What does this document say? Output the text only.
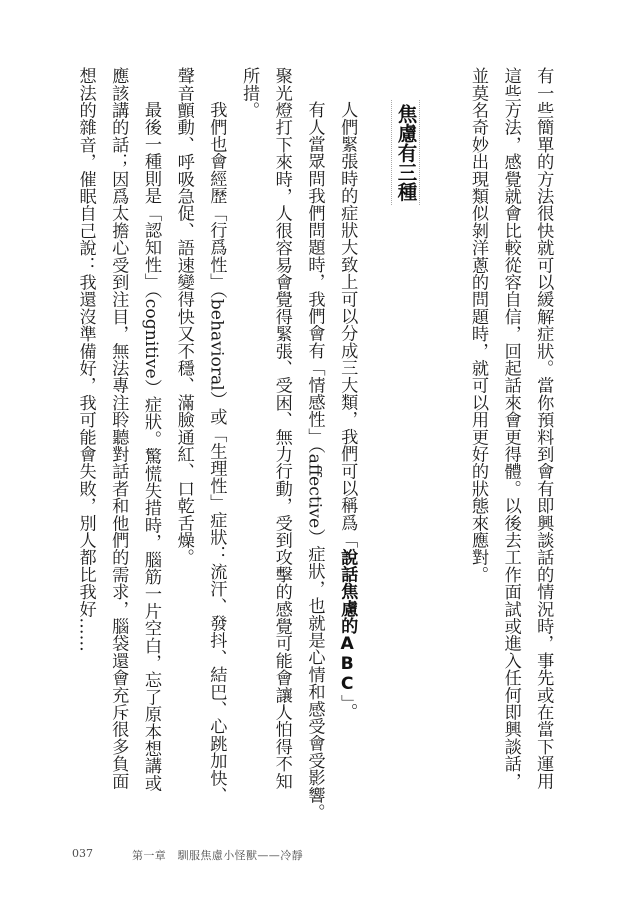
有一些簡單的方法很快就可以緩解症狀。當你預料到會有即興談話的情況時，事先或在當下運用
這些方法，感覺就會比較從容自信，回起話來會更得體。以後去工作面試或進入任何即興談話，
並莫名奇妙出現類似剝洋蔥的問題時，就可以用更好的狀態來應對。
焦慮有三種
人們緊張時的症狀大致上可以分成三大類，我們可以稱爲「說話焦慮的ABC」。
有人當眾問我們問題時，我們會有「情感性」（affective）症狀，也就是心情和感受會受影響。
聚光燈打下來時，人很容易會覺得緊張、受困、無力行動，受到攻擊的感覺可能會讓人怕得不知
所措。
我們也會經歷「行爲性」（behavioral）或「生理性」症狀：流汗、發抖、結巴、心跳加快、
聲音顫動、呼吸急促、語速變得快又不穩、滿臉通紅、口乾舌燥。
最後一種則是「認知性」（cognitive）症狀。驚慌失措時，腦筋一片空白，忘了原本想講或
應該講的話；因爲太擔心受到注目，無法專注聆聽對話者和他們的需求，腦袋還會充斥很多負面
想法的雜音，催眠自己說：我還沒準備好，我可能會失敗，別人都比我好……
037	第一章　馴服焦慮小怪獸——冷靜
